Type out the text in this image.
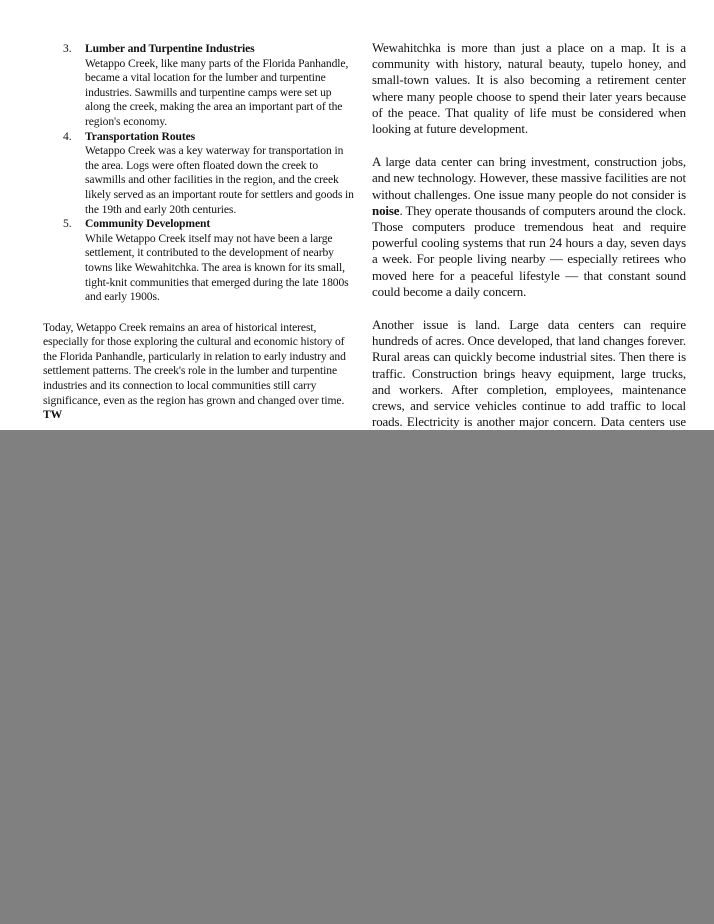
3. Lumber and Turpentine Industries
Wetappo Creek, like many parts of the Florida Panhandle, became a vital location for the lumber and turpentine industries. Sawmills and turpentine camps were set up along the creek, making the area an important part of the region's economy.
4. Transportation Routes
Wetappo Creek was a key waterway for transportation in the area. Logs were often floated down the creek to sawmills and other facilities in the region, and the creek likely served as an important route for settlers and goods in the 19th and early 20th centuries.
5. Community Development
While Wetappo Creek itself may not have been a large settlement, it contributed to the development of nearby towns like Wewahitchka. The area is known for its small, tight-knit communities that emerged during the late 1800s and early 1900s.

Today, Wetappo Creek remains an area of historical interest, especially for those exploring the cultural and economic history of the Florida Panhandle, particularly in relation to early industry and settlement patterns. The creek's role in the lumber and turpentine industries and its connection to local communities still carry significance, even as the region has grown and changed over time. TW

Wewahitchka is more than just a place on a map. It is a community with history, natural beauty, tupelo honey, and small-town values. It is also becoming a retirement center where many people choose to spend their later years because of the peace. That quality of life must be considered when looking at future development.

A large data center can bring investment, construction jobs, and new technology. However, these massive facilities are not without challenges. One issue many people do not consider is noise. They operate thousands of computers around the clock. Those computers produce tremendous heat and require powerful cooling systems that run 24 hours a day, seven days a week. For people living nearby — especially retirees who moved here for a peaceful lifestyle — that constant sound could become a daily concern.

Another issue is land. Large data centers can require hundreds of acres. Once developed, that land changes forever. Rural areas can quickly become industrial sites. Then there is traffic. Construction brings heavy equipment, large trucks, and workers. After completion, employees, maintenance crews, and service vehicles continue to add traffic to local roads. Electricity is another major concern. Data centers use
